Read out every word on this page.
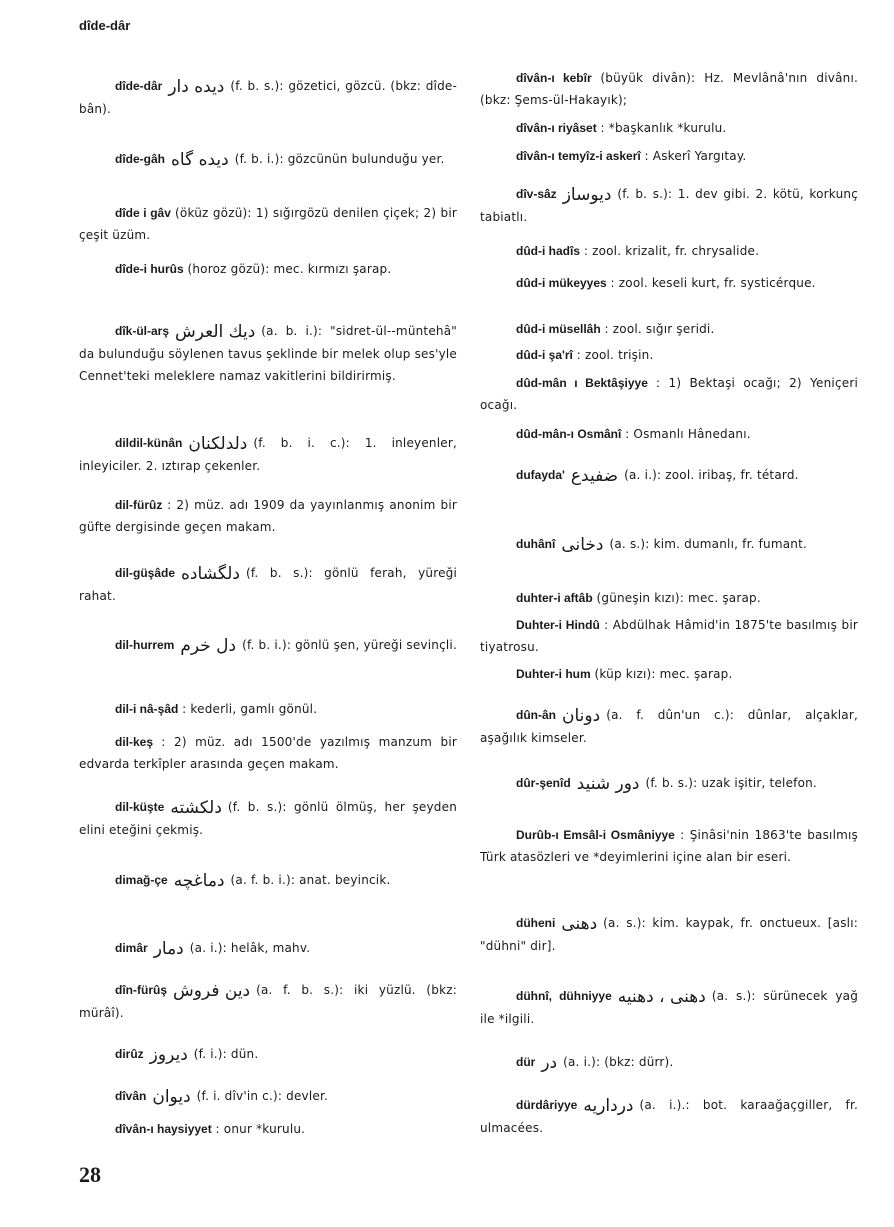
dîde-dâr

dîde-dâr دیده دار (f. b. s.): gözetici, gözcü. (bkz: dîde-bân).

dîde-gâh دیده گاه (f. b. i.): gözcünün bulunduğu yer.

dîde i gâv (öküz gözü): 1) sığırgözü denilen çiçek; 2) bir çeşit üzüm.

dîde-i hurûs (horoz gözü): mec. kırmızı şarap.

dîk-ül-arş دیك العرش (a. b. i.): "sidret-ül--müntehâ" da bulunduğu söylenen tavus şeklinde bir melek olup ses'yle Cennet'teki meleklere namaz vakitlerini bildirirmiş.

dildil-künân دلدلكنان (f. b. i. c.): 1. inleyenler, inleyiciler. 2. ıztırap çekenler.

dil-fürûz : 2) müz. adı 1909 da yayınlanmış anonim bir güfte dergisinde geçen makam.

dil-güşâde دلگشاده (f. b. s.): gönlü ferah, yüreği rahat.

dil-hurrem دل خرم (f. b. i.): gönlü şen, yüreği sevinçli.

dil-i nâ-şâd : kederli, gamlı gönül.

dil-keş : 2) müz. adı 1500'de yazılmış manzum bir edvarda terkîpler arasında geçen makam.

dil-küşte دلكشته (f. b. s.): gönlü ölmüş, her şeyden elini eteğini çekmiş.

dimağ-çe دماغچه (a. f. b. i.): anat. beyincik.

dimâr دمار (a. i.): helâk, mahv.

dîn-fürûş دین فروش (a. f. b. s.): iki yüzlü. (bkz: mürâî).

dirûz دیروز (f. i.): dün.

dîvân دیوان (f. i. dîv'in c.): devler.

dîvân-ı haysiyyet : onur *kurulu.

dîvân-ı kebîr (büyük divân): Hz. Mevlânâ'nın divânı. (bkz: Şems-ül-Hakayık);

dîvân-ı riyâset : *başkanlık *kurulu.

dîvân-ı temyîz-i askerî : Askerî Yargıtay.

dîv-sâz دیوساز (f. b. s.): 1. dev gibi. 2. kötü, korkunç tabiatlı.

dûd-i hadîs : zool. krizalit, fr. chrysalide.

dûd-i mükeyyes : zool. keseli kurt, fr. systicérque.

dûd-i müsellâh : zool. sığır şeridi.

dûd-i şa'rî : zool. trişin.

dûd-mân ı Bektâşiyye : 1) Bektaşi ocağı; 2) Yeniçeri ocağı.

dûd-mân-ı Osmânî : Osmanlı Hânedanı.

dufayda' ضفیدع (a. i.): zool. iribaş, fr. tétard.

duhânî دخانی (a. s.): kim. dumanlı, fr. fumant.

duhter-i aftâb (güneşin kızı): mec. şarap.

Duhter-i Hindû : Abdülhak Hâmid'in 1875'te basılmış bir tiyatrosu.

Duhter-i hum (küp kızı): mec. şarap.

dûn-ân دونان (a. f. dûn'un c.): dûnlar, alçaklar, aşağılık kimseler.

dûr-şenîd دور شنید (f. b. s.): uzak işitir, telefon.

Durûb-ı Emsâl-i Osmâniyye : Şinâsi'nin 1863'te basılmış Türk atasözleri ve *deyimlerini içine alan bir eseri.

düheni دهنی (a. s.): kim. kaypak, fr. onctueux. [aslı: "dühni" dir].

dühnî, dühniyye دهنی ، دهنیه (a. s.): sürünecek yağ ile *ilgili.

dür در (a. i.): (bkz: dürr).

dürdâriyye درداریه (a. i.).: bot. karaağaçgiller, fr. ulmacées.

28
